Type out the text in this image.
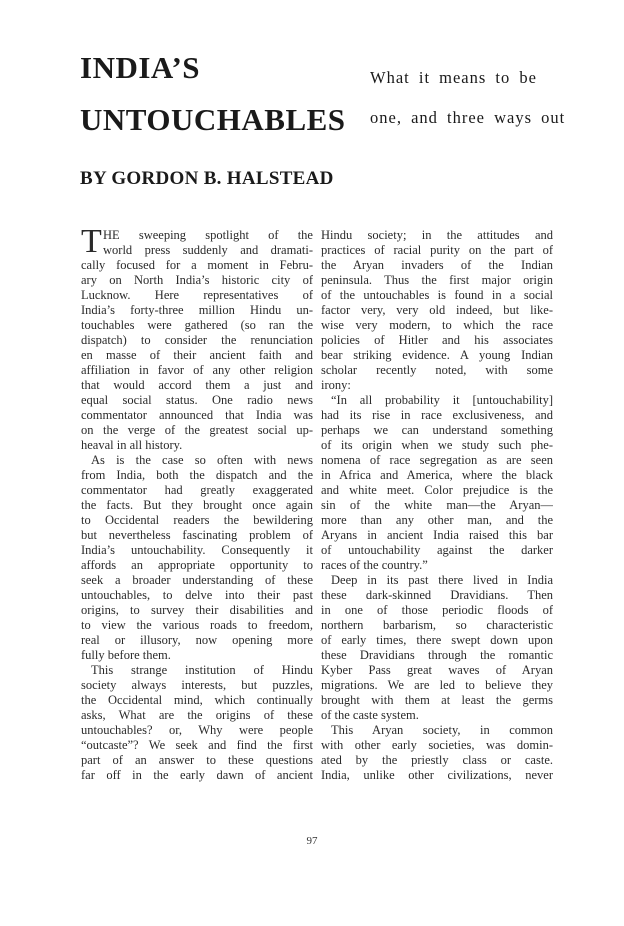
INDIA’S
UNTOUCHABLES
What it means to be
one, and three ways out
BY GORDON B. HALSTEAD
T HE sweeping spotlight of the
world press suddenly and dramati-
cally focused for a moment in Febru-
ary on North India’s historic city of
Lucknow. Here representatives of
India’s forty-three million Hindu un-
touchables were gathered (so ran the
dispatch) to consider the renunciation
en masse of their ancient faith and
affiliation in favor of any other religion
that would accord them a just and
equal social status. One radio news
commentator announced that India was
on the verge of the greatest social up-
heaval in all history.
As is the case so often with news
from India, both the dispatch and the
commentator had greatly exaggerated
the facts. But they brought once again
to Occidental readers the bewildering
but nevertheless fascinating problem of
India’s untouchability. Consequently it
affords an appropriate opportunity to
seek a broader understanding of these
untouchables, to delve into their past
origins, to survey their disabilities and
to view the various roads to freedom,
real or illusory, now opening more
fully before them.
This strange institution of Hindu
society always interests, but puzzles,
the Occidental mind, which continually
asks, What are the origins of these
untouchables? or, Why were people
“outcaste”? We seek and find the first
part of an answer to these questions
far off in the early dawn of ancient
Hindu society; in the attitudes and
practices of racial purity on the part of
the Aryan invaders of the Indian
peninsula. Thus the first major origin
of the untouchables is found in a social
factor very, very old indeed, but like-
wise very modern, to which the race
policies of Hitler and his associates
bear striking evidence. A young Indian
scholar recently noted, with some
irony:
“In all probability it [untouchability]
had its rise in race exclusiveness, and
perhaps we can understand something
of its origin when we study such phe-
nomena of race segregation as are seen
in Africa and America, where the black
and white meet. Color prejudice is the
sin of the white man—the Aryan—
more than any other man, and the
Aryans in ancient India raised this bar
of untouchability against the darker
races of the country.”
Deep in its past there lived in India
these dark-skinned Dravidians. Then
in one of those periodic floods of
northern barbarism, so characteristic
of early times, there swept down upon
these Dravidians through the romantic
Kyber Pass great waves of Aryan
migrations. We are led to believe they
brought with them at least the germs
of the caste system.
This Aryan society, in common
with other early societies, was domin-
ated by the priestly class or caste.
India, unlike other civilizations, never
97
